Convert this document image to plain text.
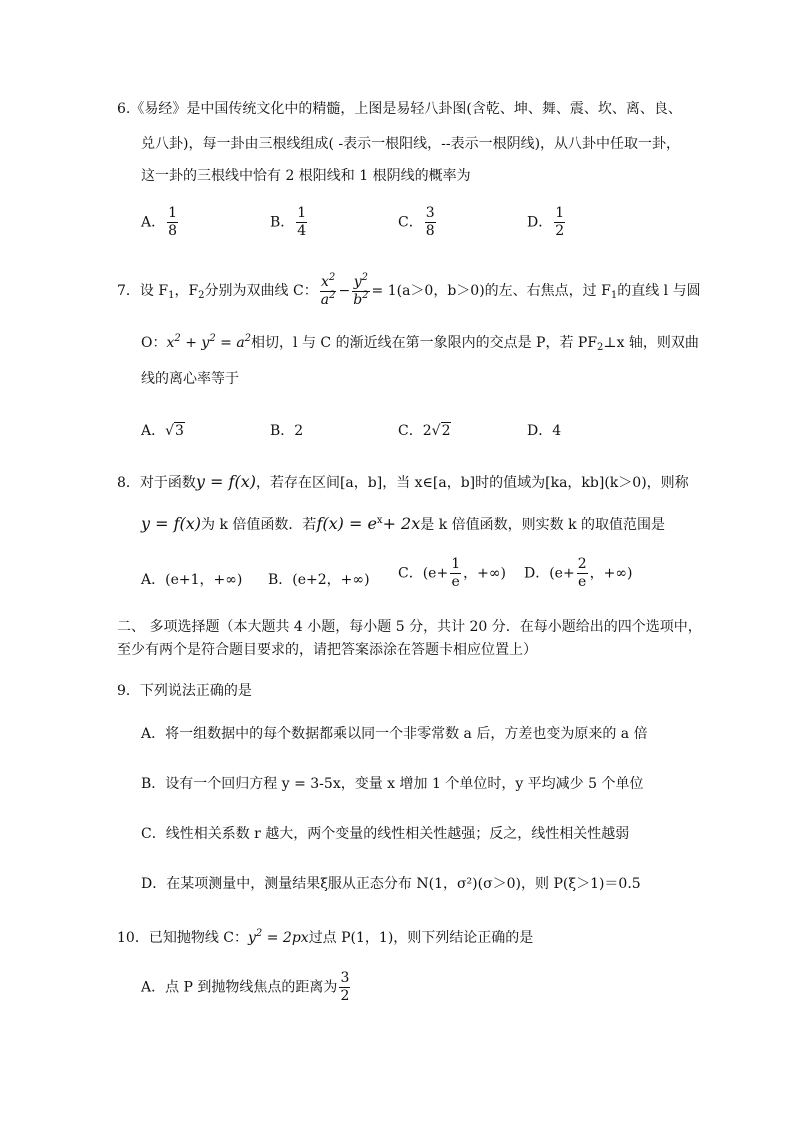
6.《易经》是中国传统文化中的精髓，上图是易轻八卦图(含乾、坤、舞、震、坎、离、良、
兑八卦)，每一卦由三根线组成( -表示一根阳线，--表示一根阴线)，从八卦中任取一卦，
这一卦的三根线中恰有 2 根阳线和 1 根阴线的概率为
A． $\frac{1}{8}$	B． $\frac{1}{4}$	C． $\frac{3}{8}$	D． $\frac{1}{2}$
7．设 $F_1$，$F_2$分别为双曲线 C： $\frac{x^2}{a^2} - \frac{y^2}{b^2} = 1(a>0$，b＞0)的左、右焦点，过 $F_1$的直线 l 与圆
O：$x^2 + y^2 = a^2$相切，l 与 C 的渐近线在第一象限内的交点是 P，若 $PF_2\perp x$ 轴，则双曲
线的离心率等于
A．√3	B．2	C．2√2	D．4
8．对于函数y = f(x)，若存在区间[a，b]，当 x∈[a，b]时的值域为[ka，kb](k＞0)，则称
y = f(x)为 k 倍值函数．若$f(x) = e^x+ 2x$是 k 倍值函数，则实数 k 的取值范围是
A．(e+1，+∞) B．(e+2，+∞) C．($e+ \frac{1}{e}$ ，+∞) D．($e+ \frac{2}{e}$ ，+∞)
二、 多项选择题（本大题共 4 小题，每小题 5 分，共计 20 分．在每小题给出的四个选项中，
至少有两个是符合题目要求的，请把答案添涂在答题卡相应位置上）
9．下列说法正确的是
A．将一组数据中的每个数据都乘以同一个非零常数 a 后，方差也变为原来的 a 倍
B．设有一个回归方程 y = 3-5x，变量 x 增加 1 个单位时，y 平均减少 5 个单位
C．线性相关系数 r 越大，两个变量的线性相关性越强；反之，线性相关性越弱
D．在某项测量中，测量结果ξ服从正态分布 N(1，σ²)(σ＞0)，则 P(ξ＞1)＝0.5
10．已知抛物线 C：$y^2 = 2px$过点 P(1，1)，则下列结论正确的是
A．点 P 到抛物线焦点的距离为 $\frac{3}{2}$
